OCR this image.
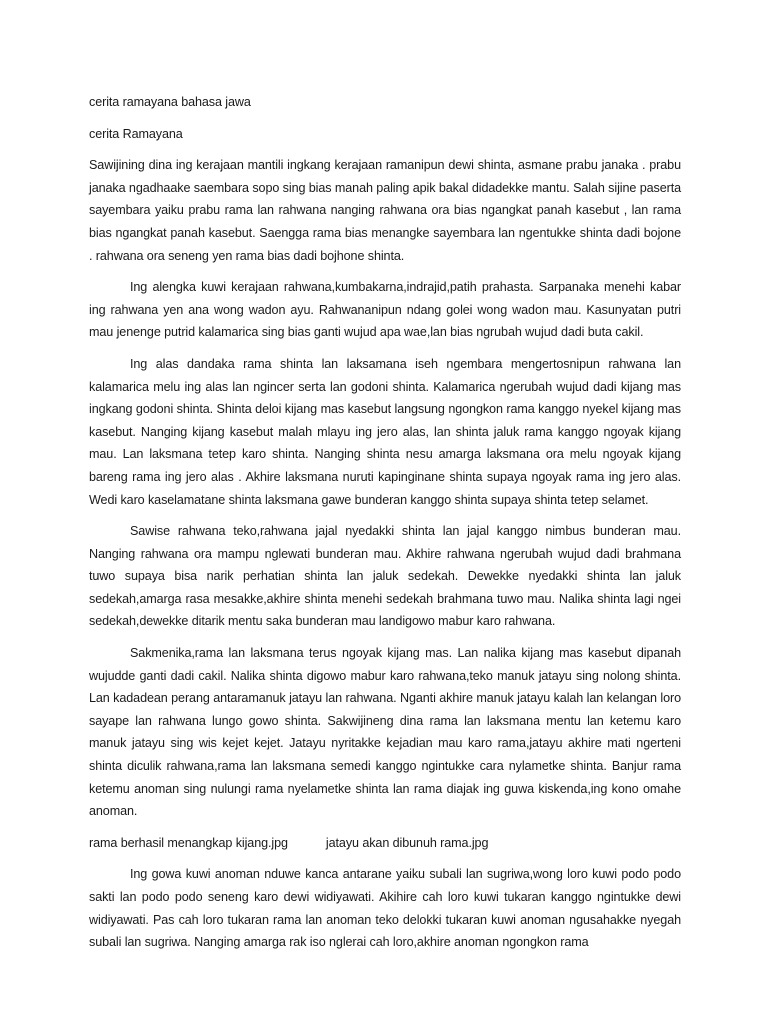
cerita ramayana bahasa jawa
cerita Ramayana

Sawijining dina ing kerajaan mantili ingkang kerajaan ramanipun dewi shinta, asmane prabu janaka . prabu janaka ngadhaake saembara sopo sing bias manah paling apik bakal didadekke mantu. Salah sijine paserta sayembara yaiku prabu rama lan rahwana nanging rahwana ora bias ngangkat panah kasebut , lan rama bias ngangkat panah kasebut. Saengga rama bias menangke sayembara lan ngentukke shinta dadi bojone . rahwana ora seneng yen rama bias dadi bojhone shinta.

Ing alengka kuwi kerajaan rahwana,kumbakarna,indrajid,patih prahasta. Sarpanaka menehi kabar ing rahwana yen ana wong wadon ayu. Rahwananipun ndang golei wong wadon mau. Kasunyatan putri mau jenenge putrid kalamarica sing bias ganti wujud apa wae,lan bias ngrubah wujud dadi buta cakil.

Ing alas dandaka rama shinta lan laksamana iseh ngembara mengertosnipun rahwana lan kalamarica melu ing alas lan ngincer serta lan godoni shinta. Kalamarica ngerubah wujud dadi kijang mas ingkang godoni shinta. Shinta deloi kijang mas kasebut langsung ngongkon rama kanggo nyekel kijang mas kasebut. Nanging kijang kasebut malah mlayu ing jero alas, lan shinta jaluk rama kanggo ngoyak kijang mau. Lan laksmana tetep karo shinta. Nanging shinta nesu amarga laksmana ora melu ngoyak kijang bareng rama ing jero alas . Akhire laksmana nuruti kapinginane shinta supaya ngoyak rama ing jero alas. Wedi karo kaselamatane shinta laksmana gawe bunderan kanggo shinta supaya shinta tetep selamet.

Sawise rahwana teko,rahwana jajal nyedakki shinta lan jajal kanggo nimbus bunderan mau. Nanging rahwana ora mampu nglewati bunderan mau. Akhire rahwana ngerubah wujud dadi brahmana tuwo supaya bisa narik perhatian shinta lan jaluk sedekah. Dewekke nyedakki shinta lan jaluk sedekah,amarga rasa mesakke,akhire shinta menehi sedekah brahmana tuwo mau. Nalika shinta lagi ngei sedekah,dewekke ditarik mentu saka bunderan mau landigowo mabur karo rahwana.

Sakmenika,rama lan laksmana terus ngoyak kijang mas. Lan nalika kijang mas kasebut dipanah wujudde ganti dadi cakil. Nalika shinta digowo mabur karo rahwana,teko manuk jatayu sing nolong shinta. Lan kadadean perang antaramanuk jatayu lan rahwana. Nganti akhire manuk jatayu kalah lan kelangan loro sayape lan rahwana lungo gowo shinta. Sakwijineng dina rama lan laksmana mentu lan ketemu karo manuk jatayu sing wis kejet kejet. Jatayu nyritakke kejadian mau karo rama,jatayu akhire mati ngerteni shinta diculik rahwana,rama lan laksmana semedi kanggo ngintukke cara nylametke shinta. Banjur rama ketemu anoman sing nulungi rama nyelametke shinta lan rama diajak ing guwa kiskenda,ing kono omahe anoman.

rama berhasil menangkap kijang.jpg	jatayu akan dibunuh rama.jpg

Ing gowa kuwi anoman nduwe kanca antarane yaiku subali lan sugriwa,wong loro kuwi podo podo sakti lan podo podo seneng karo dewi widiyawati. Akihire cah loro kuwi tukaran kanggo ngintukke dewi widiyawati. Pas cah loro tukaran rama lan anoman teko delokki tukaran kuwi anoman ngusahakke nyegah subali lan sugriwa. Nanging amarga rak iso nglerai cah loro,akhire anoman ngongkon rama
